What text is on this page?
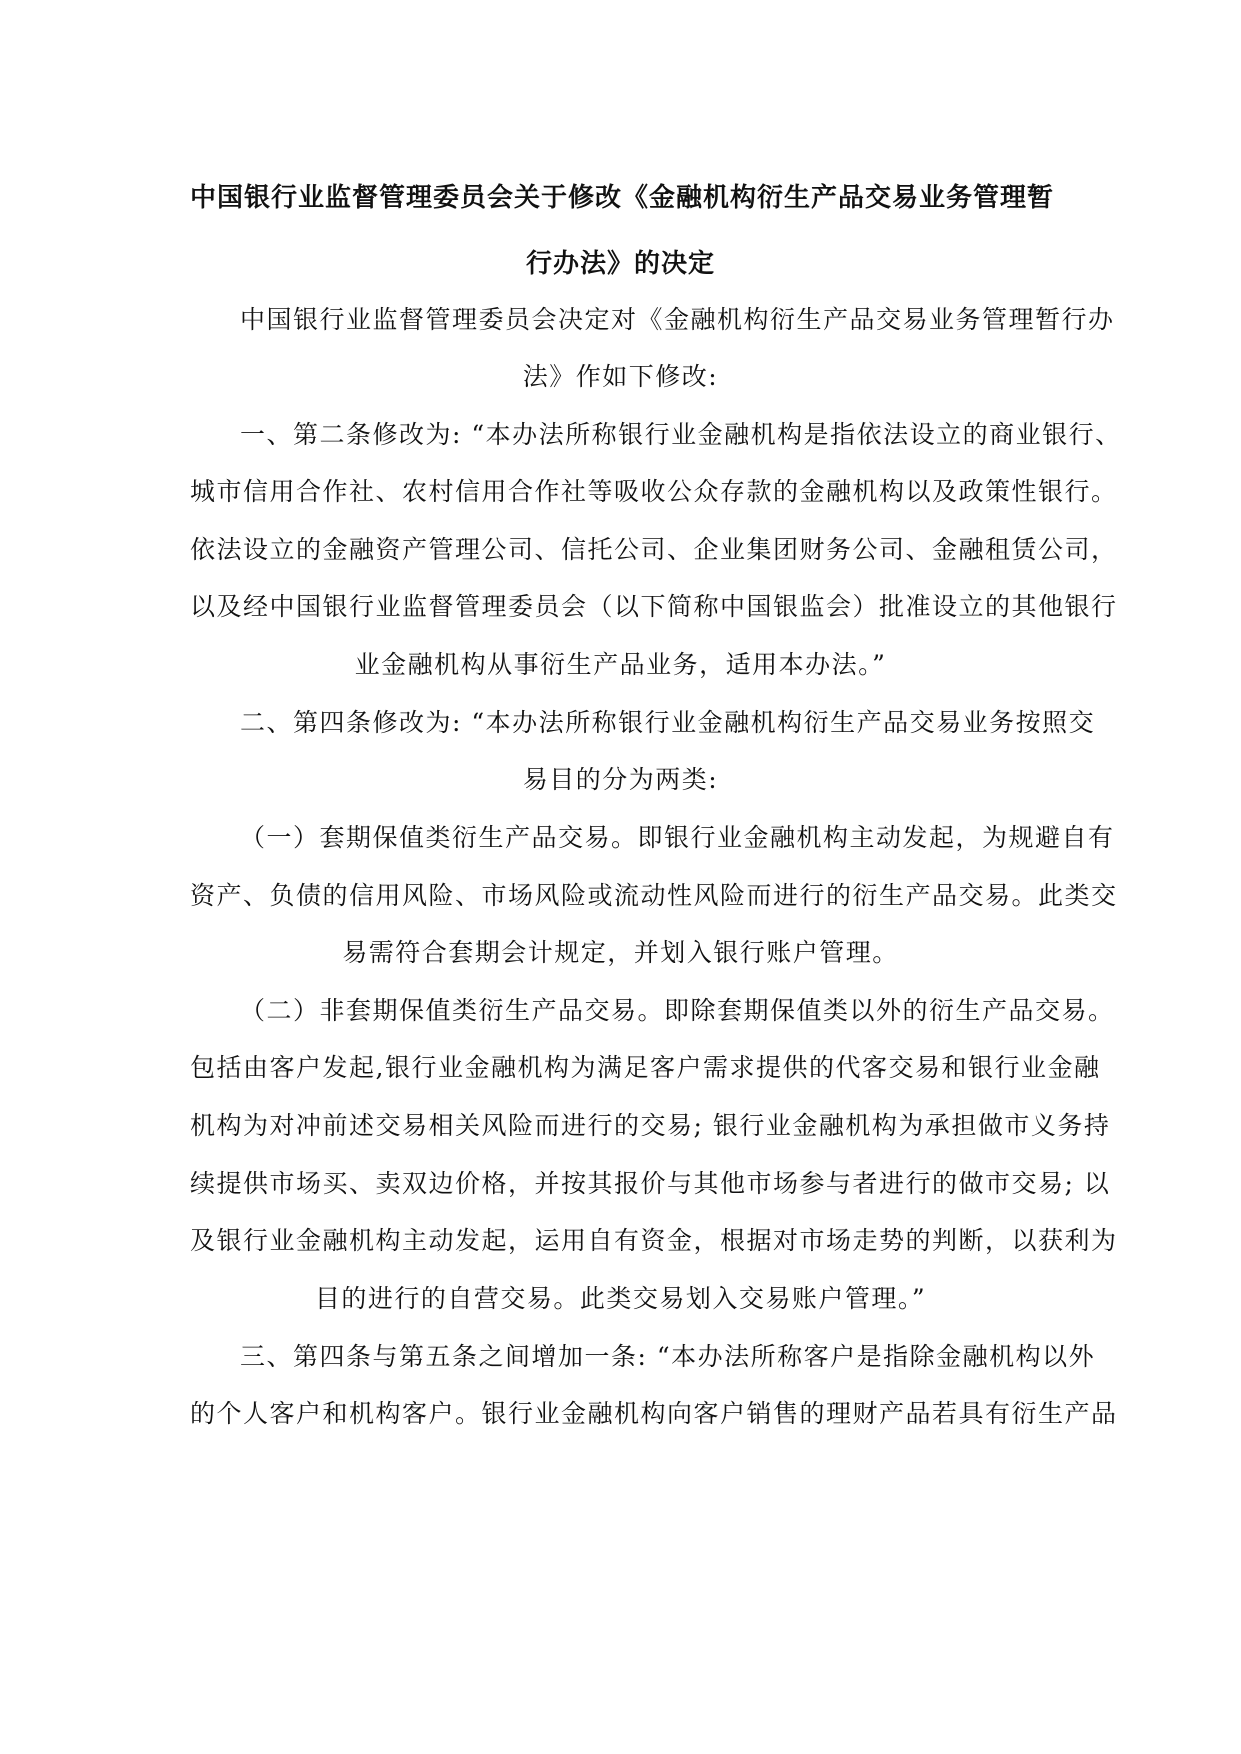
中国银行业监督管理委员会关于修改《金融机构衍生产品交易业务管理暂
行办法》的决定
中国银行业监督管理委员会决定对《金融机构衍生产品交易业务管理暂行办
法》作如下修改:
一、第二条修改为: “本办法所称银行业金融机构是指依法设立的商业银行、
城市信用合作社、农村信用合作社等吸收公众存款的金融机构以及政策性银行。
依法设立的金融资产管理公司、信托公司、企业集团财务公司、金融租赁公司，
以及经中国银行业监督管理委员会（以下简称中国银监会）批准设立的其他银行
业金融机构从事衍生产品业务，适用本办法。”
二、第四条修改为: “本办法所称银行业金融机构衍生产品交易业务按照交
易目的分为两类:
（一）套期保值类衍生产品交易。即银行业金融机构主动发起，为规避自有
资产、负债的信用风险、市场风险或流动性风险而进行的衍生产品交易。此类交
易需符合套期会计规定，并划入银行账户管理。
（二）非套期保值类衍生产品交易。即除套期保值类以外的衍生产品交易。
包括由客户发起,银行业金融机构为满足客户需求提供的代客交易和银行业金融
机构为对冲前述交易相关风险而进行的交易; 银行业金融机构为承担做市义务持
续提供市场买、卖双边价格，并按其报价与其他市场参与者进行的做市交易; 以
及银行业金融机构主动发起，运用自有资金，根据对市场走势的判断，以获利为
目的进行的自营交易。此类交易划入交易账户管理。”
三、第四条与第五条之间增加一条: “本办法所称客户是指除金融机构以外
的个人客户和机构客户。银行业金融机构向客户销售的理财产品若具有衍生产品
